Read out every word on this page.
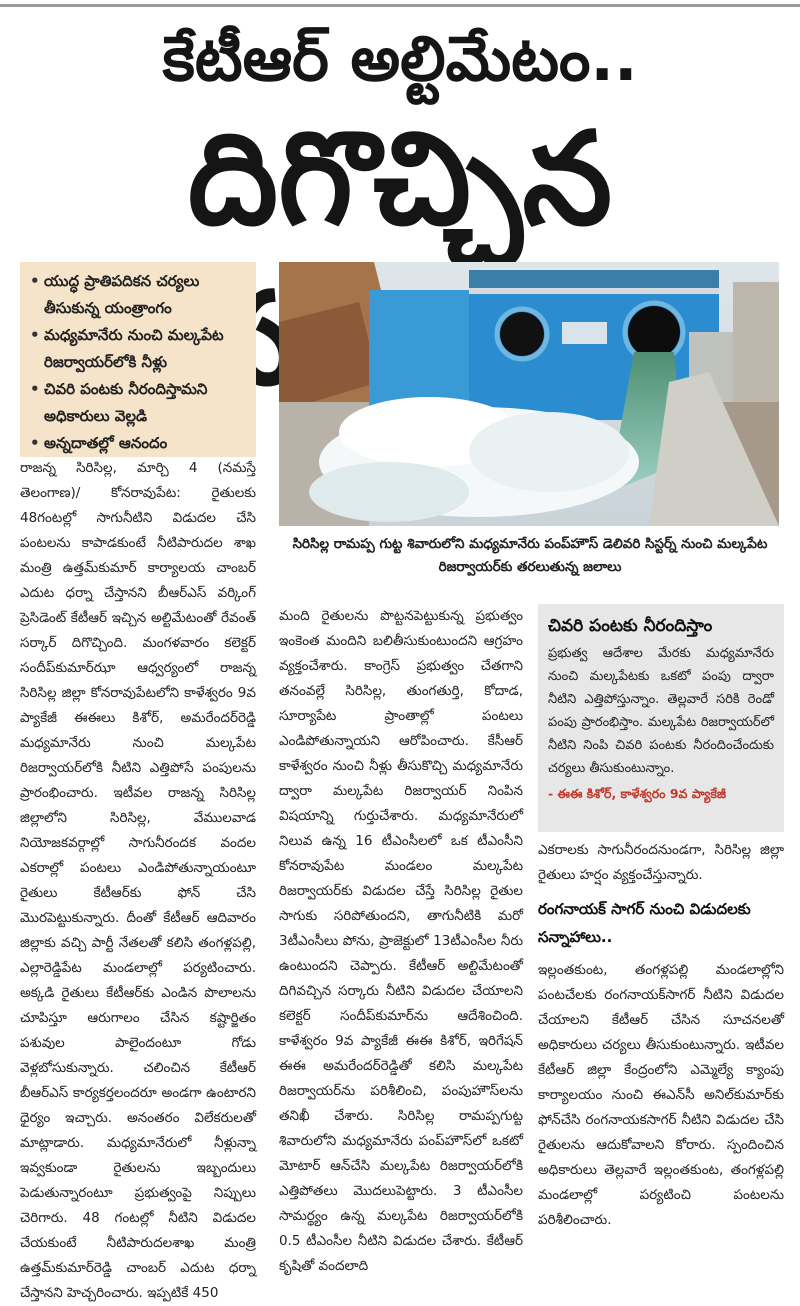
కేటీఆర్ అల్టిమేటం..
దిగొచ్చిన
• యుద్ధ ప్రాతిపదికన చర్యలు తీసుకున్న యంత్రాంగం
• మధ్యమానేరు నుంచి మల్కపేట రిజర్వాయర్‌లోకి నీళ్లు
• చివరి పంటకు నీరందిస్తామని అధికారులు వెల్లడి
• అన్నదాతల్లో ఆనందం
సిరిసిల్ల రామప్ప గుట్ట శివారులోని మధ్యమానేరు పంప్‌హౌస్ డెలివరి సిస్టర్న్ నుంచి మల్కపేట రిజర్వాయర్‌కు తరలుతున్న జలాలు

రాజన్న సిరిసిల్ల, మార్చి 4 (నమస్తే తెలంగాణ)/ కోనరావుపేట: రైతులకు 48గంటల్లో సాగునీటిని విడుదల చేసి పంటలను కాపాడకుంటే నీటిపారుదల శాఖ మంత్రి ఉత్తమ్‌కుమార్ కార్యాలయ చాంబర్ ఎదుట ధర్నా చేస్తానని బీఆర్‌ఎస్ వర్కింగ్ ప్రెసిడెంట్ కేటీఆర్ ఇచ్చిన అల్టిమేటంతో రేవంత్ సర్కార్ దిగొచ్చింది. మంగళవారం కలెక్టర్ సందీప్‌కుమార్‌ఝా ఆధ్వర్యంలో రాజన్న సిరిసిల్ల జిల్లా కోనరావుపేటలోని కాళేశ్వరం 9వ ప్యాకేజీ ఈఈలు కిశోర్, అమరేందర్‌రెడ్డి మధ్యమానేరు నుంచి మల్కపేట రిజర్వాయర్‌లోకి నీటిని ఎత్తిపోసే పంపులను ప్రారంభించారు. ఇటీవల రాజన్న సిరిసిల్ల జిల్లాలోని సిరిసిల్ల, వేములవాడ నియోజకవర్గాల్లో సాగునీరందక వందల ఎకరాల్లో పంటలు ఎండిపోతున్నాయంటూ రైతులు కేటీఆర్‌కు ఫోన్ చేసి మొరపెట్టుకున్నారు. దీంతో కేటీఆర్ ఆదివారం జిల్లాకు వచ్చి పార్టీ నేతలతో కలిసి తంగళ్లపల్లి, ఎల్లారెడ్డిపేట మండలాల్లో పర్యటించారు. అక్కడి రైతులు కేటీఆర్‌కు ఎండిన పొలాలను చూపిస్తూ ఆరుగాలం చేసిన కష్టార్జితం పశువుల పాలైందంటూ గోడు వెళ్లబోసుకున్నారు. చలించిన కేటీఆర్ బీఆర్‌ఎస్ కార్యకర్తలందరూ అండగా ఉంటారని ధైర్యం ఇచ్చారు. అనంతరం విలేకరులతో మాట్లాడారు. మధ్యమానేరులో నీళ్లున్నా ఇవ్వకుండా రైతులను ఇబ్బందులు పెడుతున్నారంటూ ప్రభుత్వంపై నిప్పులు చెరిగారు. 48 గంటల్లో నీటిని విడుదల చేయకుంటే నీటిపారుదలశాఖ మంత్రి ఉత్తమ్‌కుమార్‌రెడ్డి చాంబర్ ఎదుట ధర్నా చేస్తానని హెచ్చరించారు. ఇప్పటికే 450

మంది రైతులను పొట్టనపెట్టుకున్న ప్రభుత్వం ఇంకెంత మందిని బలితీసుకుంటుందని ఆగ్రహం వ్యక్తంచేశారు. కాంగ్రెస్ ప్రభుత్వం చేతగాని తనంవల్లే సిరిసిల్ల, తుంగతుర్తి, కోదాడ, సూర్యాపేట ప్రాంతాల్లో పంటలు ఎండిపోతున్నాయని ఆరోపించారు. కేసీఆర్ కాళేశ్వరం నుంచి నీళ్లు తీసుకొచ్చి మధ్యమానేరు ద్వారా మల్కపేట రిజర్వాయర్ నింపిన విషయాన్ని గుర్తుచేశారు. మధ్యమానేరులో నిలువ ఉన్న 16 టీఎంసీలలో ఒక టీఎంసీని కోనరావుపేట మండలం మల్కపేట రిజర్వాయర్‌కు విడుదల చేస్తే సిరిసిల్ల రైతుల సాగుకు సరిపోతుందని, తాగునీటికి మరో 3టీఎంసీలు పోను, ప్రాజెక్టులో 13టీఎంసీల నీరు ఉంటుందని చెప్పారు. కేటీఆర్ అల్టిమేటంతో దిగివచ్చిన సర్కారు నీటిని విడుదల చేయాలని కలెక్టర్ సందీప్‌కుమార్‌ను ఆదేశించింది. కాళేశ్వరం 9వ ప్యాకేజీ ఈఈ కిశోర్, ఇరిగేషన్ ఈఈ అమరేందర్‌రెడ్డితో కలిసి మల్కపేట రిజర్వాయర్‌ను పరిశీలించి, పంపుహౌస్‌లను తనిఖీ చేశారు. సిరిసిల్ల రామప్పగుట్ట శివారులోని మధ్యమానేరు పంప్‌హౌస్‌లో ఒకటో మోటార్ ఆన్‌చేసి మల్కపేట రిజర్వాయర్‌లోకి ఎత్తిపోతలు మొదలుపెట్టారు. 3 టీఎంసీల సామర్థ్యం ఉన్న మల్కపేట రిజర్వాయర్‌లోకి 0.5 టీఎంసీల నీటిని విడుదల చేశారు. కేటీఆర్ కృషితో వందలాది

చివరి పంటకు నీరందిస్తాం
ప్రభుత్వ ఆదేశాల మేరకు మధ్యమానేరు నుంచి మల్కపేటకు ఒకటో పంపు ద్వారా నీటిని ఎత్తిపోస్తున్నాం. తెల్లవారే సరికి రెండో పంపు ప్రారంభిస్తాం. మల్కపేట రిజర్వాయర్‌లో నీటిని నింపి చివరి పంటకు నీరందించేందుకు చర్యలు తీసుకుంటున్నాం.
- ఈఈ కిశోర్, కాళేశ్వరం 9వ ప్యాకేజీ

ఎకరాలకు సాగునీరందనుండగా, సిరిసిల్ల జిల్లా రైతులు హర్షం వ్యక్తంచేస్తున్నారు.

రంగనాయక్ సాగర్ నుంచి విడుదలకు సన్నాహాలు..

ఇల్లంతకుంట, తంగళ్లపల్లి మండలాల్లోని పంటచేలకు రంగనాయక్‌సాగర్ నీటిని విడుదల చేయాలని కేటీఆర్ చేసిన సూచనలతో అధికారులు చర్యలు తీసుకుంటున్నారు. ఇటీవల కేటీఆర్ జిల్లా కేంద్రంలోని ఎమ్మెల్యే క్యాంపు కార్యాలయం నుంచి ఈఎన్‌సీ అనిల్‌కుమార్‌కు ఫోన్‌చేసి రంగనాయకసాగర్ నీటిని విడుదల చేసి రైతులను ఆదుకోవాలని కోరారు. స్పందించిన అధికారులు తెల్లవారే ఇల్లంతకుంట, తంగళ్లపల్లి మండలాల్లో పర్యటించి పంటలను పరిశీలించారు.
